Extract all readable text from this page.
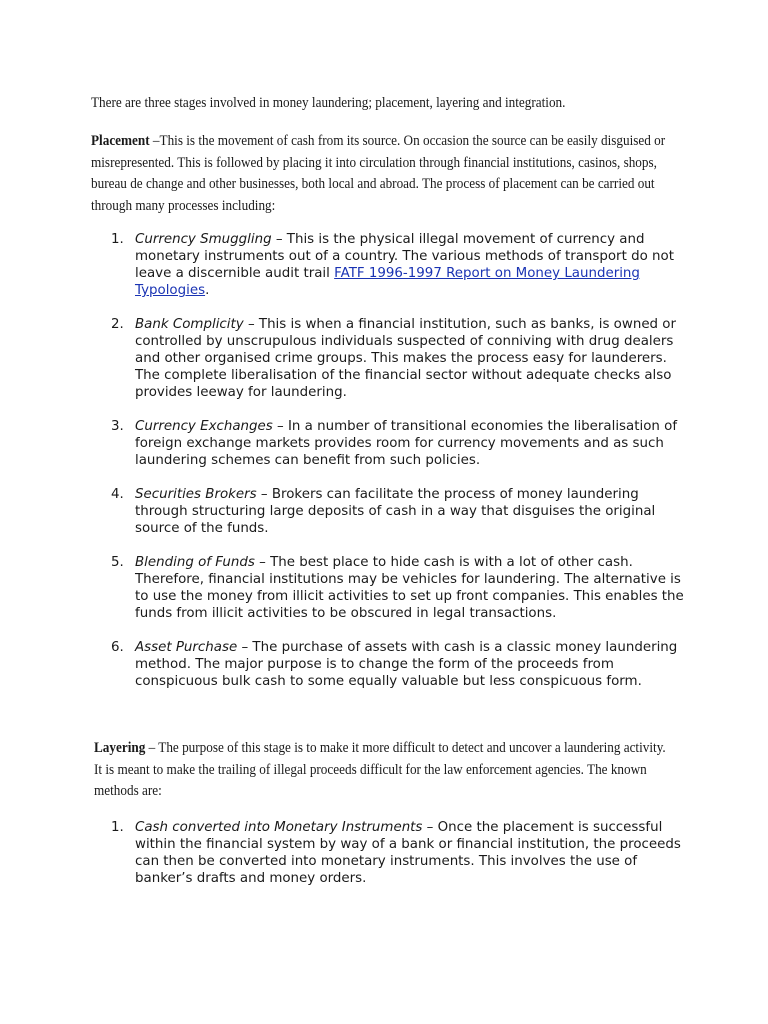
There are three stages involved in money laundering; placement, layering and integration.

Placement –This is the movement of cash from its source. On occasion the source can be easily disguised or misrepresented. This is followed by placing it into circulation through financial institutions, casinos, shops, bureau de change and other businesses, both local and abroad. The process of placement can be carried out through many processes including:

1. Currency Smuggling – This is the physical illegal movement of currency and monetary instruments out of a country. The various methods of transport do not leave a discernible audit trail FATF 1996-1997 Report on Money Laundering Typologies.
2. Bank Complicity – This is when a financial institution, such as banks, is owned or controlled by unscrupulous individuals suspected of conniving with drug dealers and other organised crime groups. This makes the process easy for launderers. The complete liberalisation of the financial sector without adequate checks also provides leeway for laundering.
3. Currency Exchanges – In a number of transitional economies the liberalisation of foreign exchange markets provides room for currency movements and as such laundering schemes can benefit from such policies.
4. Securities Brokers – Brokers can facilitate the process of money laundering through structuring large deposits of cash in a way that disguises the original source of the funds.
5. Blending of Funds – The best place to hide cash is with a lot of other cash. Therefore, financial institutions may be vehicles for laundering. The alternative is to use the money from illicit activities to set up front companies. This enables the funds from illicit activities to be obscured in legal transactions.
6. Asset Purchase – The purchase of assets with cash is a classic money laundering method. The major purpose is to change the form of the proceeds from conspicuous bulk cash to some equally valuable but less conspicuous form.

Layering – The purpose of this stage is to make it more difficult to detect and uncover a laundering activity. It is meant to make the trailing of illegal proceeds difficult for the law enforcement agencies. The known methods are:

1. Cash converted into Monetary Instruments – Once the placement is successful within the financial system by way of a bank or financial institution, the proceeds can then be converted into monetary instruments. This involves the use of banker’s drafts and money orders.
